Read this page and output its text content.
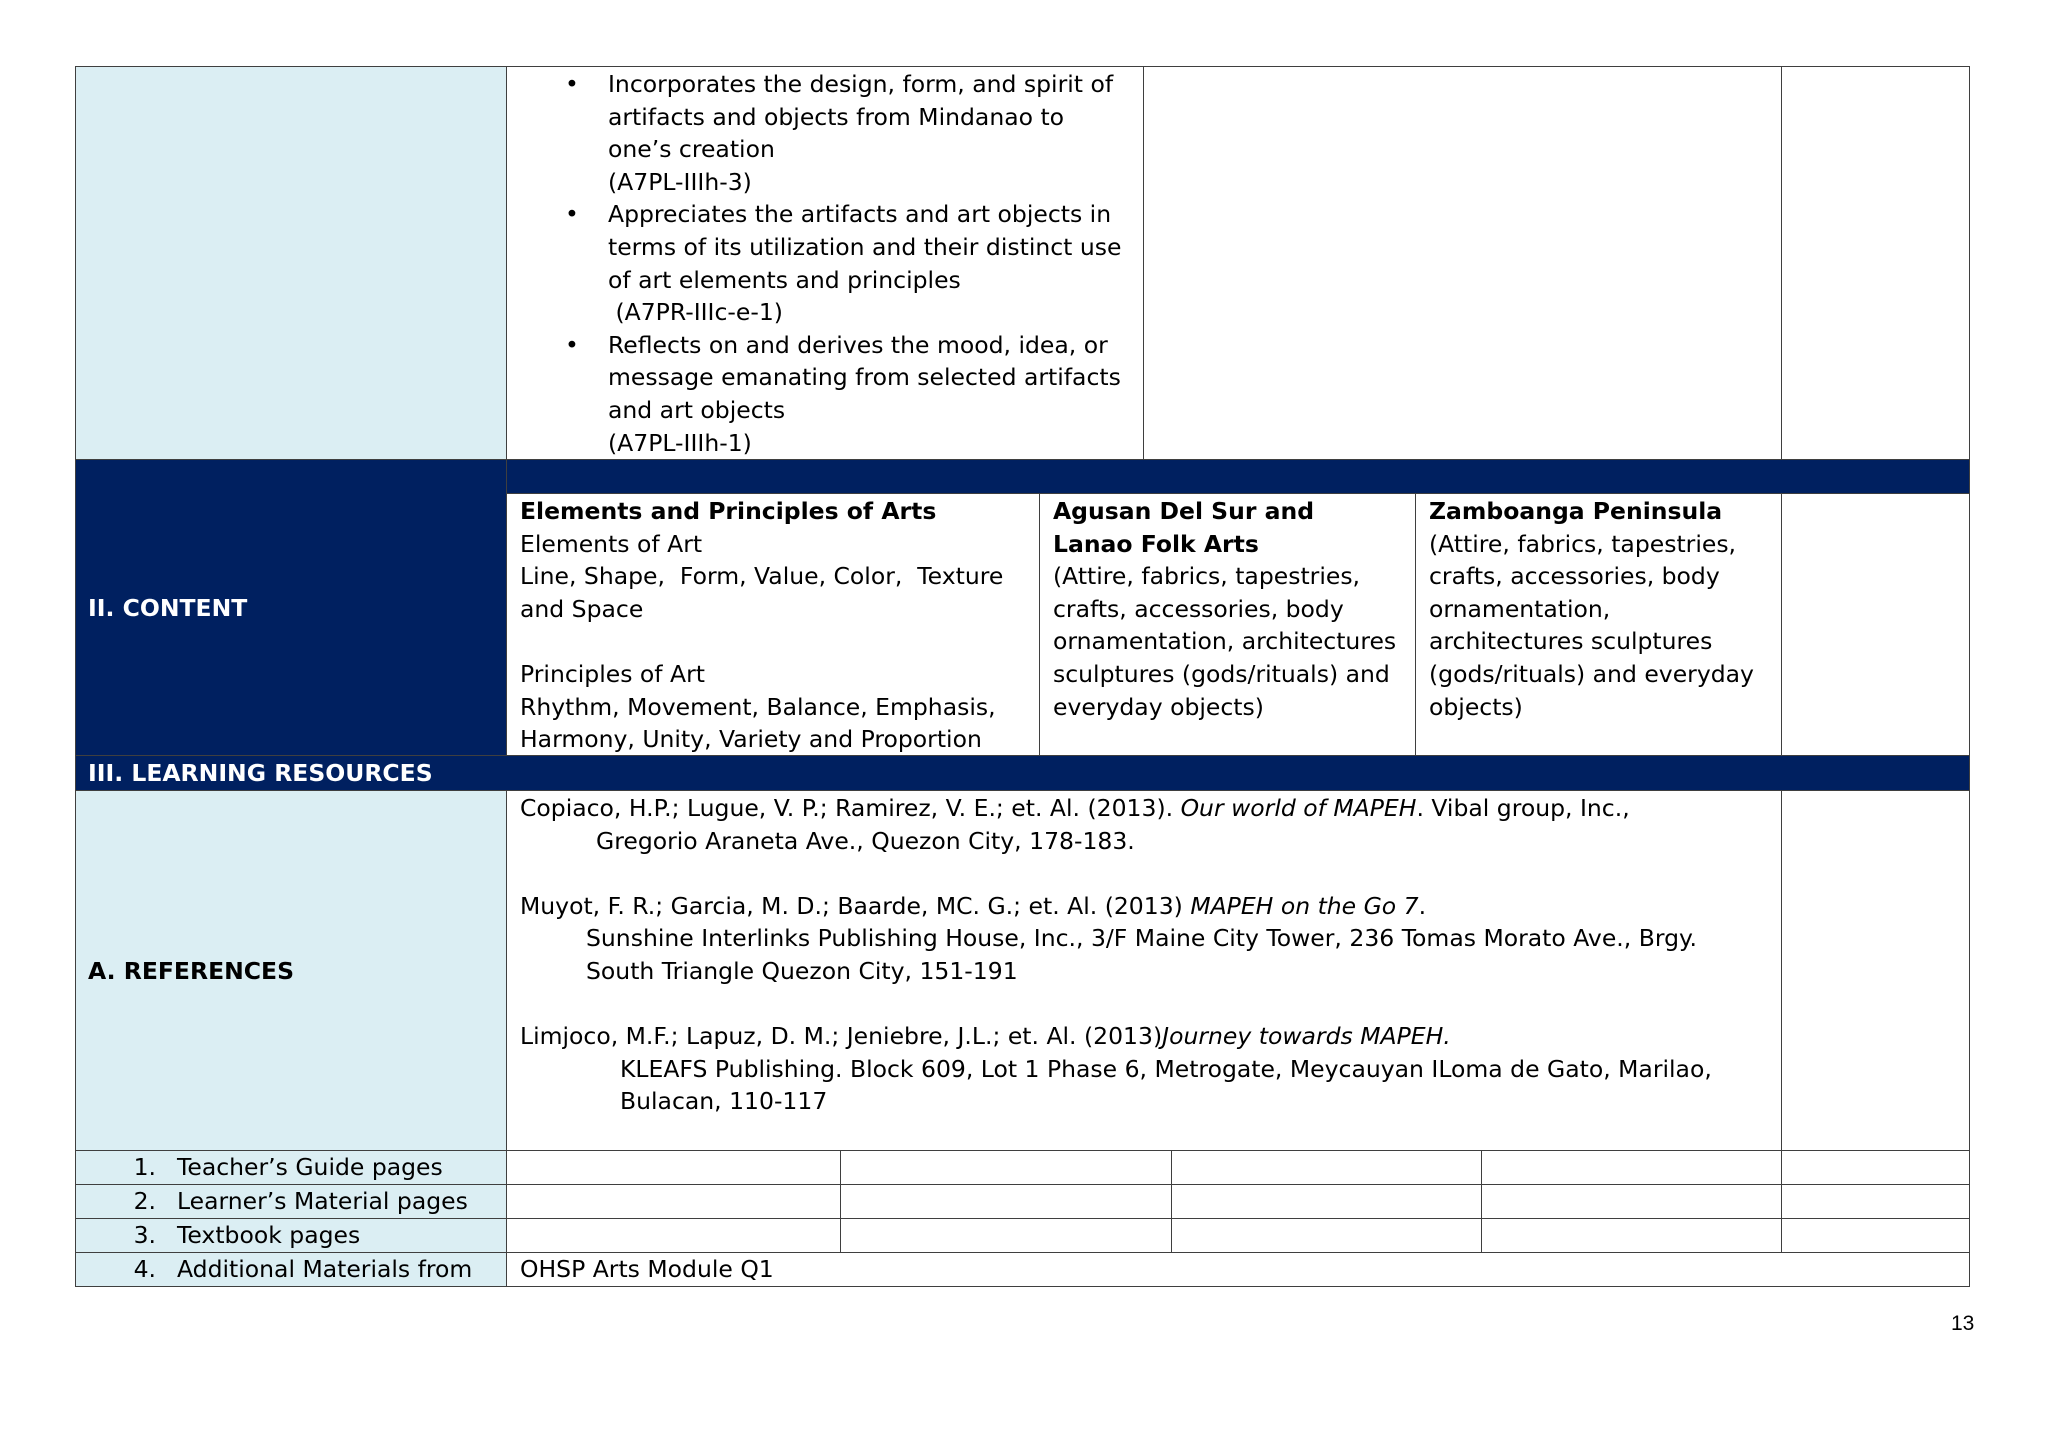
• Incorporates the design, form, and spirit of
artifacts and objects from Mindanao to
one’s creation
(A7PL-IIIh-3)
• Appreciates the artifacts and art objects in
terms of its utilization and their distinct use
of art elements and principles
(A7PR-IIIc-e-1)
• Reflects on and derives the mood, idea, or
message emanating from selected artifacts
and art objects
(A7PL-IIIh-1)
II. CONTENT
Elements and Principles of Arts
Elements of Art
Line, Shape,  Form, Value, Color,  Texture
and Space
Principles of Art
Rhythm, Movement, Balance, Emphasis,
Harmony, Unity, Variety and Proportion
Agusan Del Sur and
Lanao Folk Arts
(Attire, fabrics, tapestries,
crafts, accessories, body
ornamentation, architectures
sculptures (gods/rituals) and
everyday objects)
Zamboanga Peninsula
(Attire, fabrics, tapestries,
crafts, accessories, body
ornamentation,
architectures sculptures
(gods/rituals) and everyday
objects)
III. LEARNING RESOURCES
A. REFERENCES
Copiaco, H.P.; Lugue, V. P.; Ramirez, V. E.; et. Al. (2013). Our world of MAPEH. Vibal group, Inc.,
Gregorio Araneta Ave., Quezon City, 178-183.
Muyot, F. R.; Garcia, M. D.; Baarde, MC. G.; et. Al. (2013) MAPEH on the Go 7.
Sunshine Interlinks Publishing House, Inc., 3/F Maine City Tower, 236 Tomas Morato Ave., Brgy.
South Triangle Quezon City, 151-191
Limjoco, M.F.; Lapuz, D. M.; Jeniebre, J.L.; et. Al. (2013)Journey towards MAPEH.
KLEAFS Publishing. Block 609, Lot 1 Phase 6, Metrogate, Meycauyan ILoma de Gato, Marilao,
Bulacan, 110-117
1. Teacher’s Guide pages
2. Learner’s Material pages
3. Textbook pages
4. Additional Materials from	OHSP Arts Module Q1
13
